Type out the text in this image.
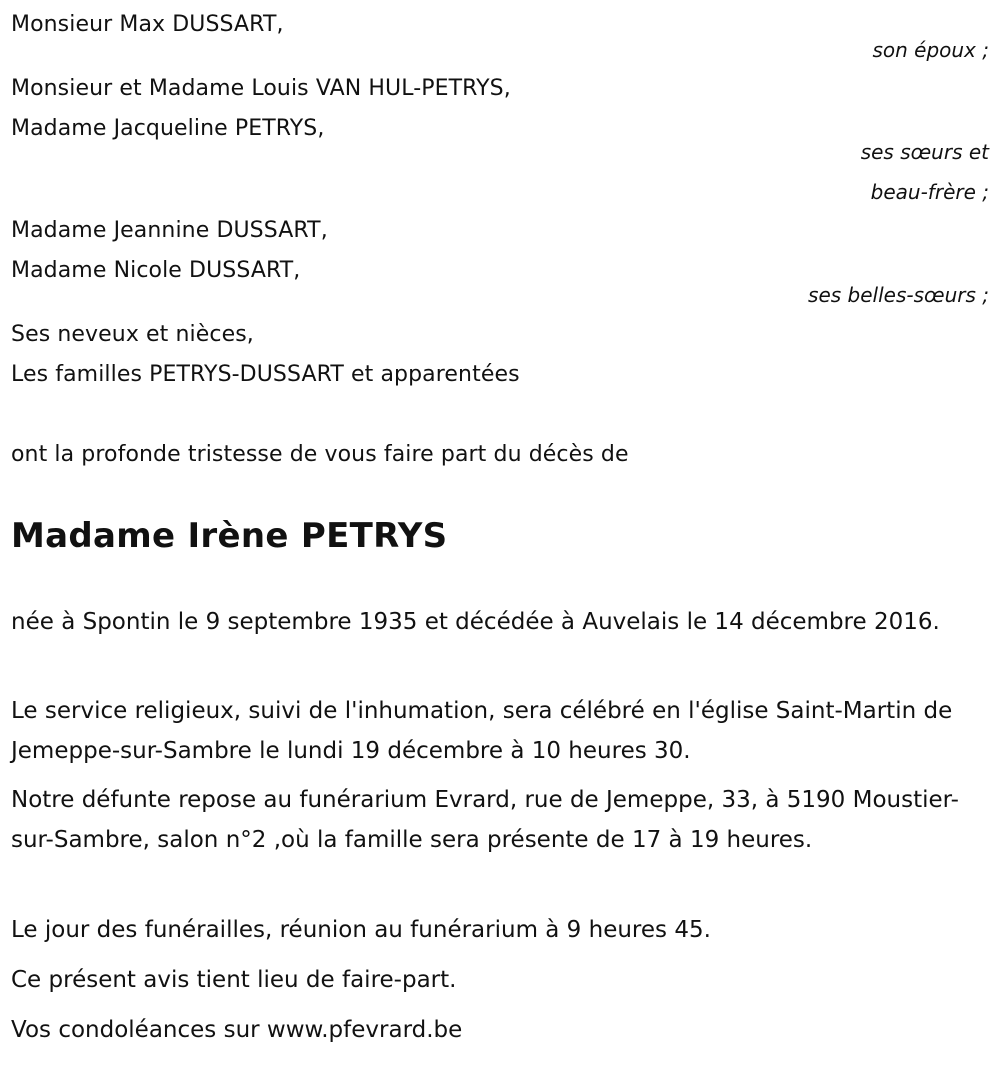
Monsieur Max DUSSART,
son époux ;
Monsieur et Madame Louis VAN HUL-PETRYS,
Madame Jacqueline PETRYS,
ses sœurs et
beau-frère ;
Madame Jeannine DUSSART,
Madame Nicole DUSSART,
ses belles-sœurs ;
Ses neveux et nièces,
Les familles PETRYS-DUSSART et apparentées
ont la profonde tristesse de vous faire part du décès de
Madame Irène PETRYS
née à Spontin le 9 septembre 1935 et décédée à Auvelais le 14 décembre 2016.
Le service religieux, suivi de l'inhumation, sera célébré en l'église Saint-Martin de Jemeppe-sur-Sambre le lundi 19 décembre à 10 heures 30.
Notre défunte repose au funérarium Evrard, rue de Jemeppe, 33, à 5190 Moustier-sur-Sambre, salon n°2 ,où la famille sera présente de 17 à 19 heures.
Le jour des funérailles, réunion au funérarium à 9 heures 45.
Ce présent avis tient lieu de faire-part.
Vos condoléances sur www.pfevrard.be
